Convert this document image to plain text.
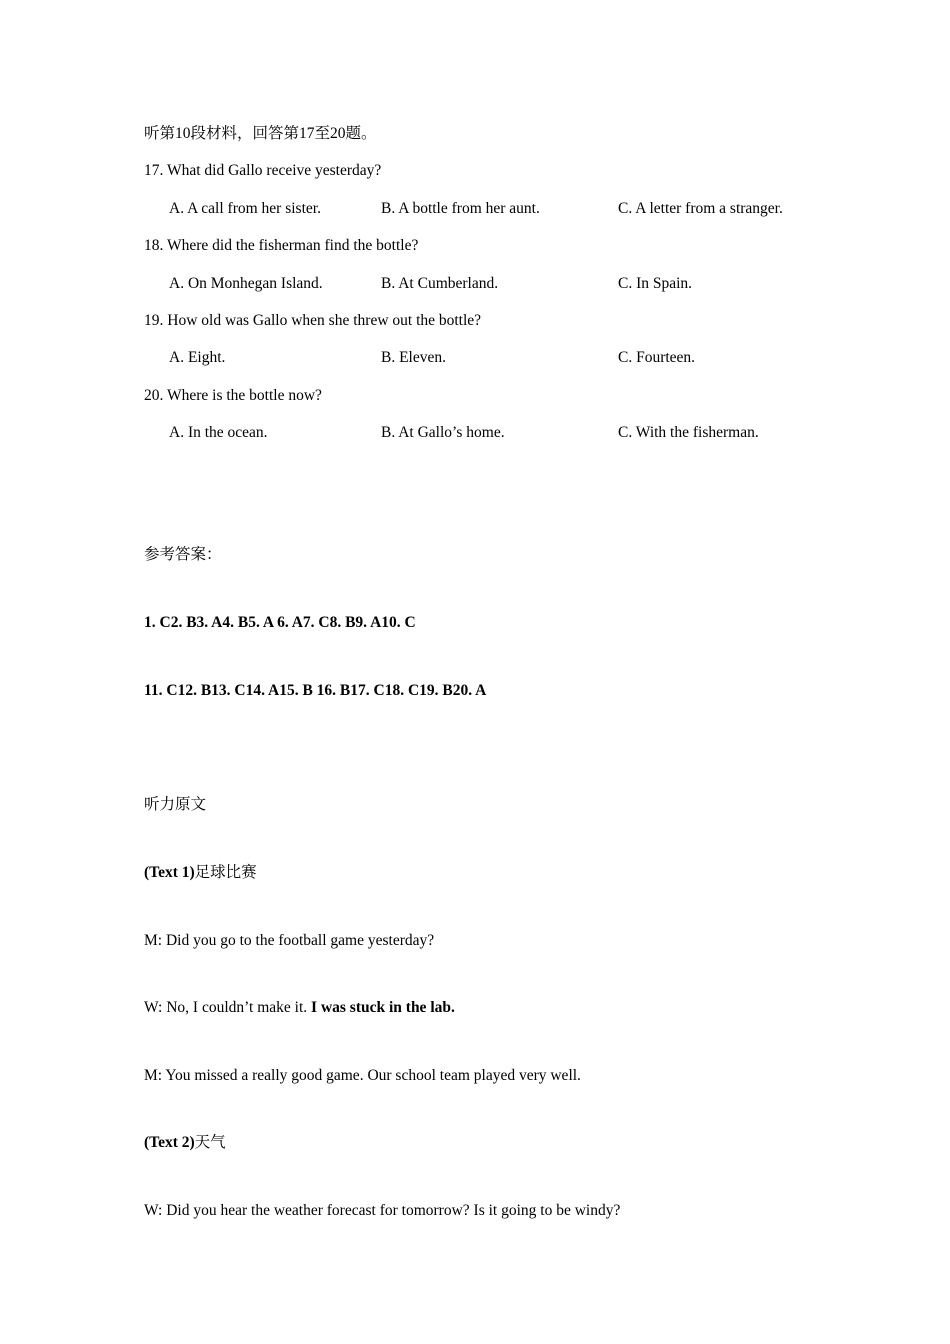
听第10段材料，回答第17至20题。
17. What did Gallo receive yesterday?
A. A call from her sister.	B. A bottle from her aunt.	C. A letter from a stranger.
18. Where did the fisherman find the bottle?
A. On Monhegan Island.	B. At Cumberland.	C. In Spain.
19. How old was Gallo when she threw out the bottle?
A. Eight.	B. Eleven.	C. Fourteen.
20. Where is the bottle now?
A. In the ocean.	B. At Gallo’s home.	C. With the fisherman.
参考答案：
1. C2. B3. A4. B5. A 6. A7. C8. B9. A10. C
11. C12. B13. C14. A15. B 16. B17. C18. C19. B20. A
听力原文
(Text 1)足球比赛
M: Did you go to the football game yesterday?
W: No, I couldn’t make it. I was stuck in the lab.
M: You missed a really good game. Our school team played very well.
(Text 2)天气
W: Did you hear the weather forecast for tomorrow? Is it going to be windy?
